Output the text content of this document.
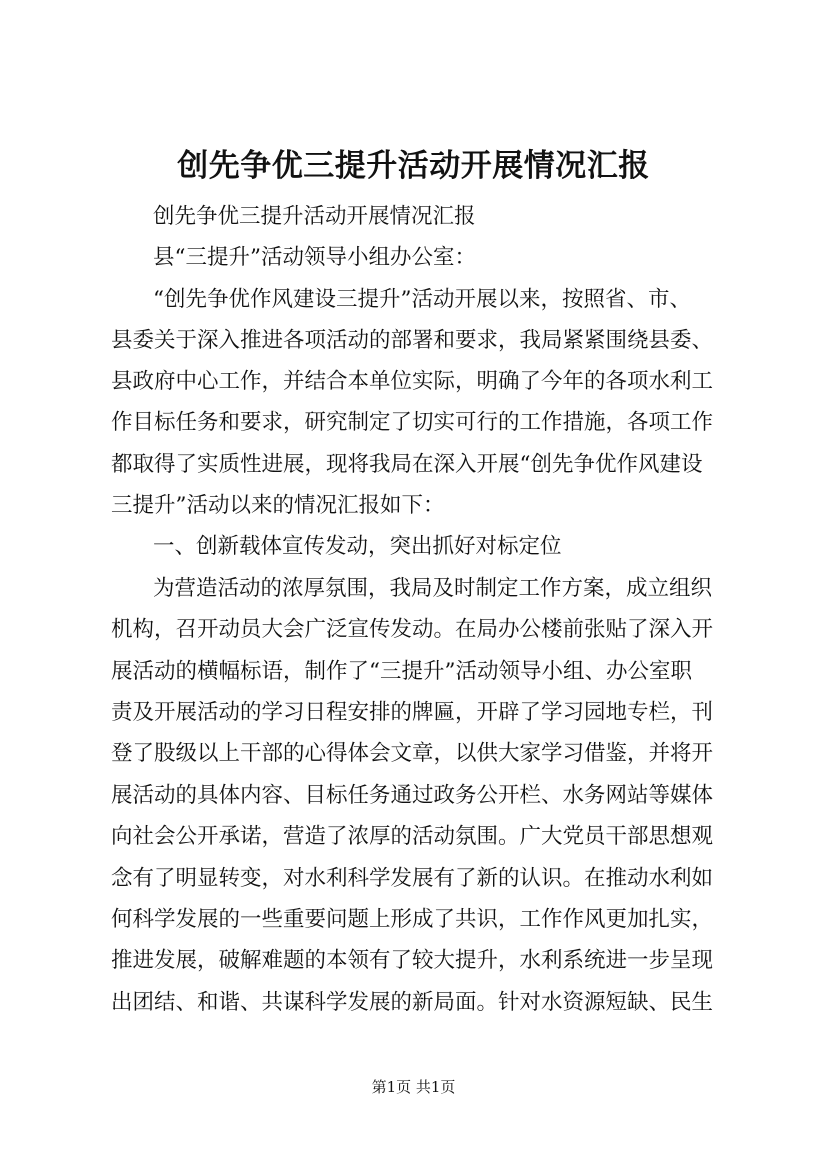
创先争优三提升活动开展情况汇报
创先争优三提升活动开展情况汇报
县“三提升”活动领导小组办公室：
“创先争优作风建设三提升”活动开展以来，按照省、市、
县委关于深入推进各项活动的部署和要求，我局紧紧围绕县委、
县政府中心工作，并结合本单位实际，明确了今年的各项水利工
作目标任务和要求，研究制定了切实可行的工作措施，各项工作
都取得了实质性进展，现将我局在深入开展“创先争优作风建设
三提升”活动以来的情况汇报如下：
一、创新载体宣传发动，突出抓好对标定位
为营造活动的浓厚氛围，我局及时制定工作方案，成立组织
机构，召开动员大会广泛宣传发动。在局办公楼前张贴了深入开
展活动的横幅标语，制作了“三提升”活动领导小组、办公室职
责及开展活动的学习日程安排的牌匾，开辟了学习园地专栏，刊
登了股级以上干部的心得体会文章，以供大家学习借鉴，并将开
展活动的具体内容、目标任务通过政务公开栏、水务网站等媒体
向社会公开承诺，营造了浓厚的活动氛围。广大党员干部思想观
念有了明显转变，对水利科学发展有了新的认识。在推动水利如
何科学发展的一些重要问题上形成了共识，工作作风更加扎实，
推进发展，破解难题的本领有了较大提升，水利系统进一步呈现
出团结、和谐、共谋科学发展的新局面。针对水资源短缺、民生
第1页 共1页
